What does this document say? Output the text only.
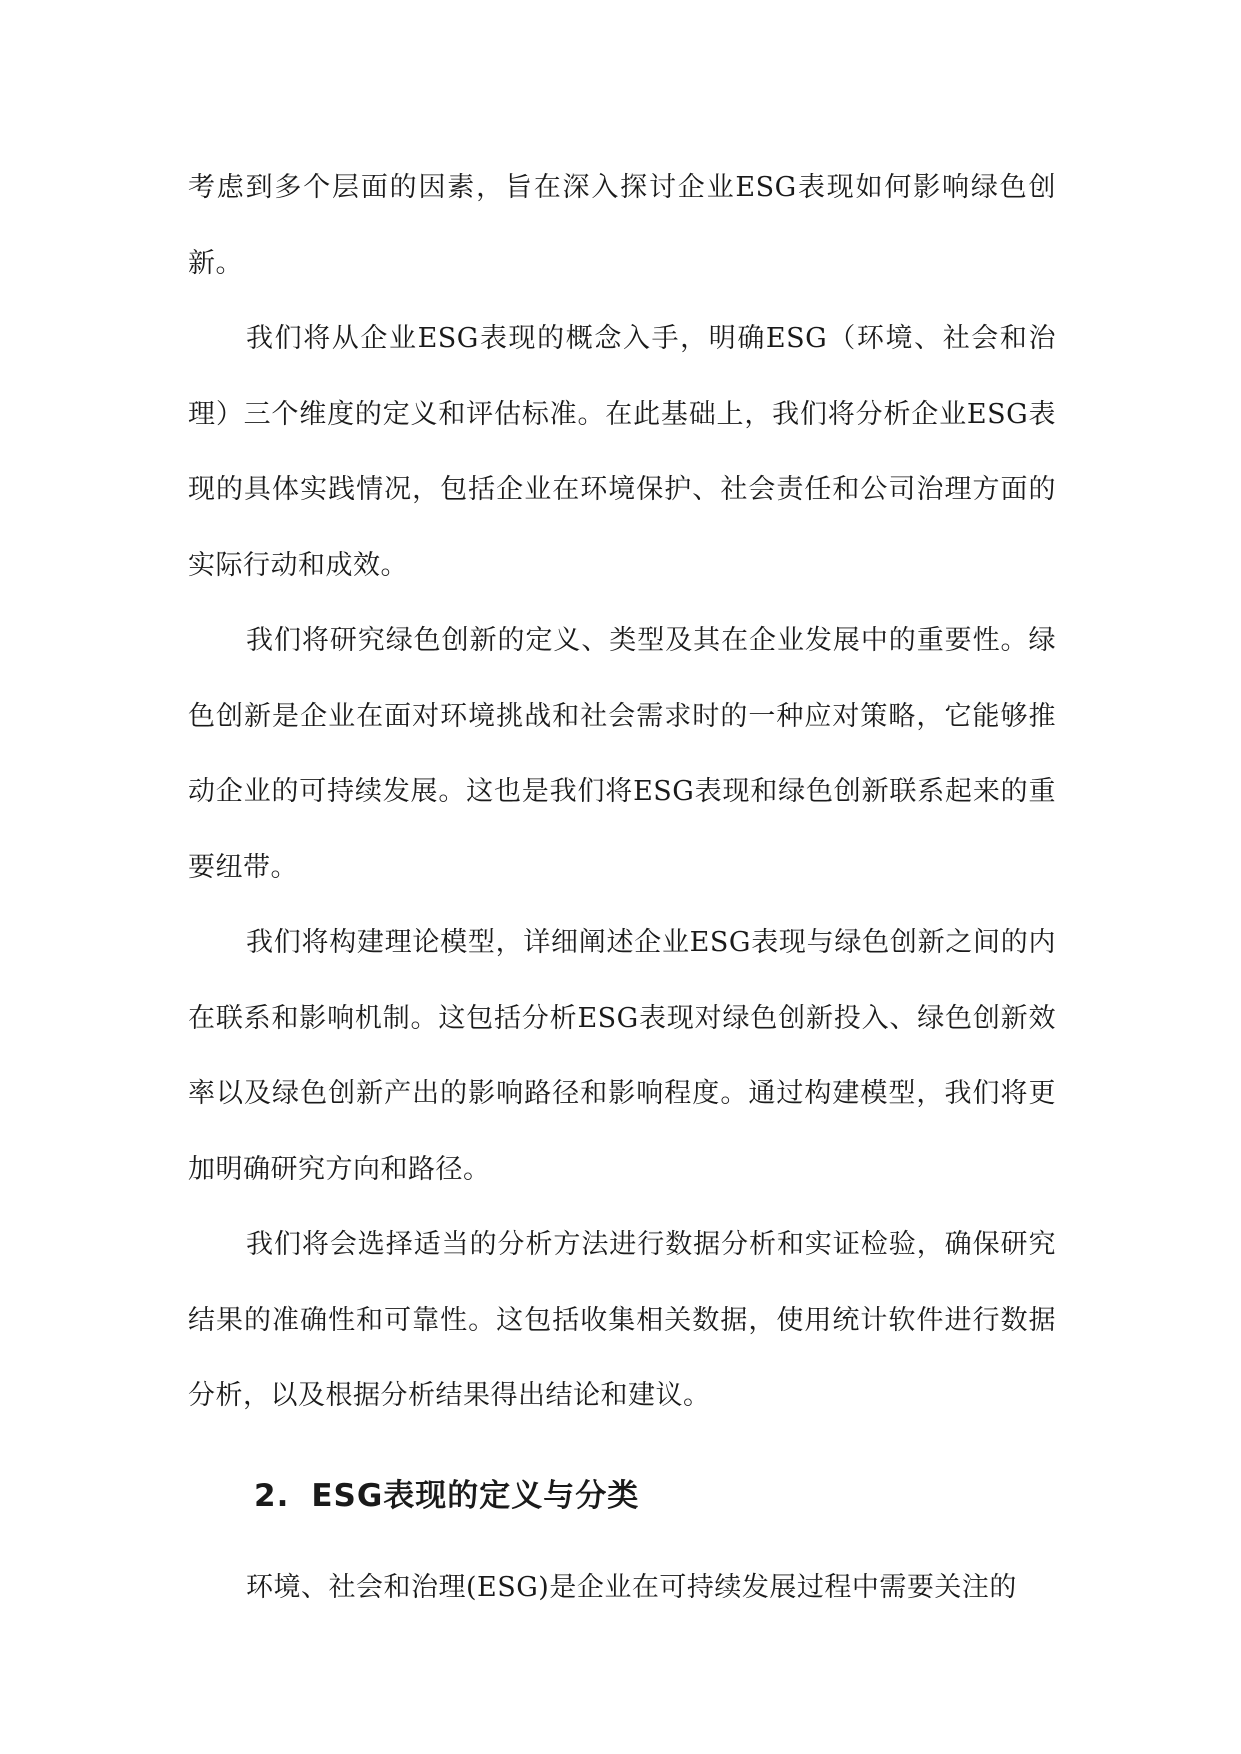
考虑到多个层面的因素，旨在深入探讨企业ESG表现如何影响绿色创新。

我们将从企业ESG表现的概念入手，明确ESG（环境、社会和治理）三个维度的定义和评估标准。在此基础上，我们将分析企业ESG表现的具体实践情况，包括企业在环境保护、社会责任和公司治理方面的实际行动和成效。

我们将研究绿色创新的定义、类型及其在企业发展中的重要性。绿色创新是企业在面对环境挑战和社会需求时的一种应对策略，它能够推动企业的可持续发展。这也是我们将ESG表现和绿色创新联系起来的重要纽带。

我们将构建理论模型，详细阐述企业ESG表现与绿色创新之间的内在联系和影响机制。这包括分析ESG表现对绿色创新投入、绿色创新效率以及绿色创新产出的影响路径和影响程度。通过构建模型，我们将更加明确研究方向和路径。

我们将会选择适当的分析方法进行数据分析和实证检验，确保研究结果的准确性和可靠性。这包括收集相关数据，使用统计软件进行数据分析，以及根据分析结果得出结论和建议。

2. ESG表现的定义与分类

环境、社会和治理(ESG)是企业在可持续发展过程中需要关注的
